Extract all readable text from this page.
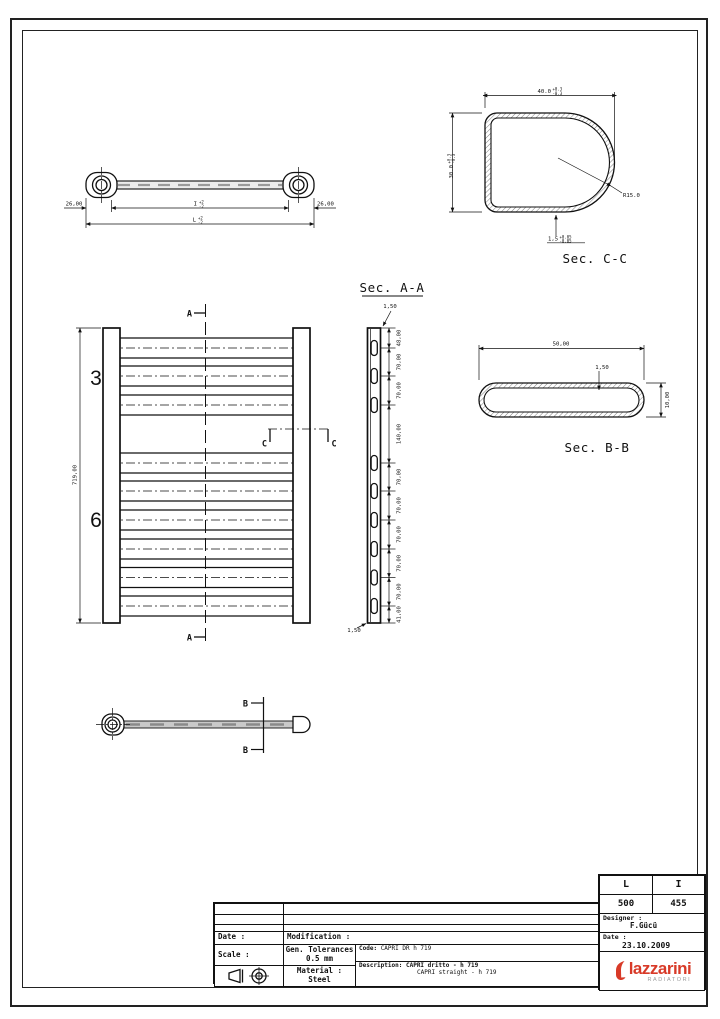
26,00	I +2
-2	26,00
L +2
-2
40.0 +0.3
-0.3
30.0
+0.3 -0.3
R15.0
1,5 +0.05
-0.05
Sec. C-C
3
6
A
A
C	C
719,00
Sec. A-A
1,50
1,50
48,00
70,00
70,00
140,00
70,00
70,00
70,00
70,00
70,00
41,00
50,00
1,50
10,00
Sec. B-B
B
B
Date :	Modification :
Scale :
Gen. Tolerances
0.5 mm
Material :
Steel
Code: CAPRI DR h 719
Description: CAPRI dritto - h 719
CAPRI straight - h 719
L	I
500	455
Designer :
F.Gücü
Date :
23.10.2009
lazzarini
RADIATORI
